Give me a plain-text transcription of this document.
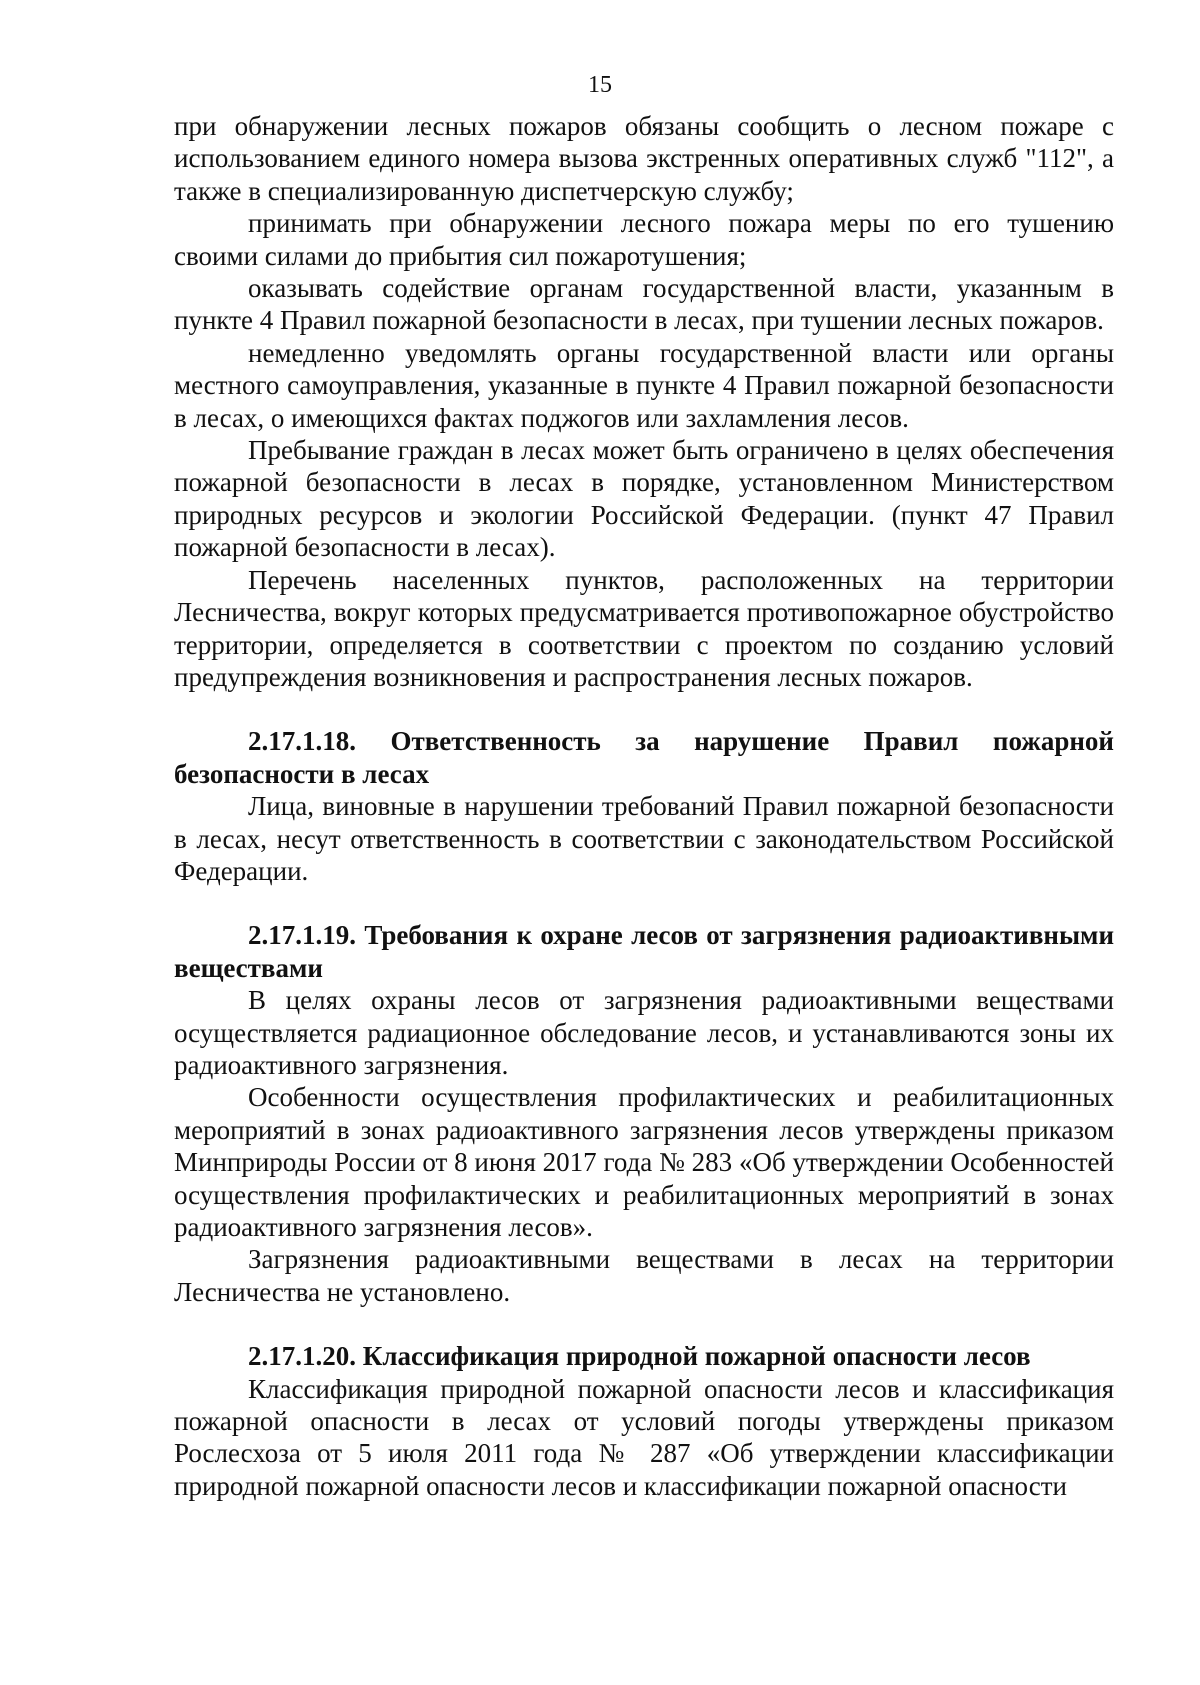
15

при обнаружении лесных пожаров обязаны сообщить о лесном пожаре с использованием единого номера вызова экстренных оперативных служб "112", а также в специализированную диспетчерскую службу;

принимать при обнаружении лесного пожара меры по его тушению своими силами до прибытия сил пожаротушения;

оказывать содействие органам государственной власти, указанным в пункте 4 Правил пожарной безопасности в лесах, при тушении лесных пожаров.

немедленно уведомлять органы государственной власти или органы местного самоуправления, указанные в пункте 4 Правил пожарной безопасности в лесах, о имеющихся фактах поджогов или захламления лесов.

Пребывание граждан в лесах может быть ограничено в целях обеспечения пожарной безопасности в лесах в порядке, установленном Министерством природных ресурсов и экологии Российской Федерации. (пункт 47 Правил пожарной безопасности в лесах).

Перечень населенных пунктов, расположенных на территории Лесничества, вокруг которых предусматривается противопожарное обустройство территории, определяется в соответствии с проектом по созданию условий предупреждения возникновения и распространения лесных пожаров.

2.17.1.18. Ответственность за нарушение Правил пожарной безопасности в лесах

Лица, виновные в нарушении требований Правил пожарной безопасности в лесах, несут ответственность в соответствии с законодательством Российской Федерации.

2.17.1.19. Требования к охране лесов от загрязнения радиоактивными веществами

В целях охраны лесов от загрязнения радиоактивными веществами осуществляется радиационное обследование лесов, и устанавливаются зоны их радиоактивного загрязнения.

Особенности осуществления профилактических и реабилитационных мероприятий в зонах радиоактивного загрязнения лесов утверждены приказом Минприроды России от 8 июня 2017 года № 283 «Об утверждении Особенностей осуществления профилактических и реабилитационных мероприятий в зонах радиоактивного загрязнения лесов».

Загрязнения радиоактивными веществами в лесах на территории Лесничества не установлено.

2.17.1.20. Классификация природной пожарной опасности лесов

Классификация природной пожарной опасности лесов и классификация пожарной опасности в лесах от условий погоды утверждены приказом Рослесхоза от 5 июля 2011 года № 287 «Об утверждении классификации природной пожарной опасности лесов и классификации пожарной опасности
